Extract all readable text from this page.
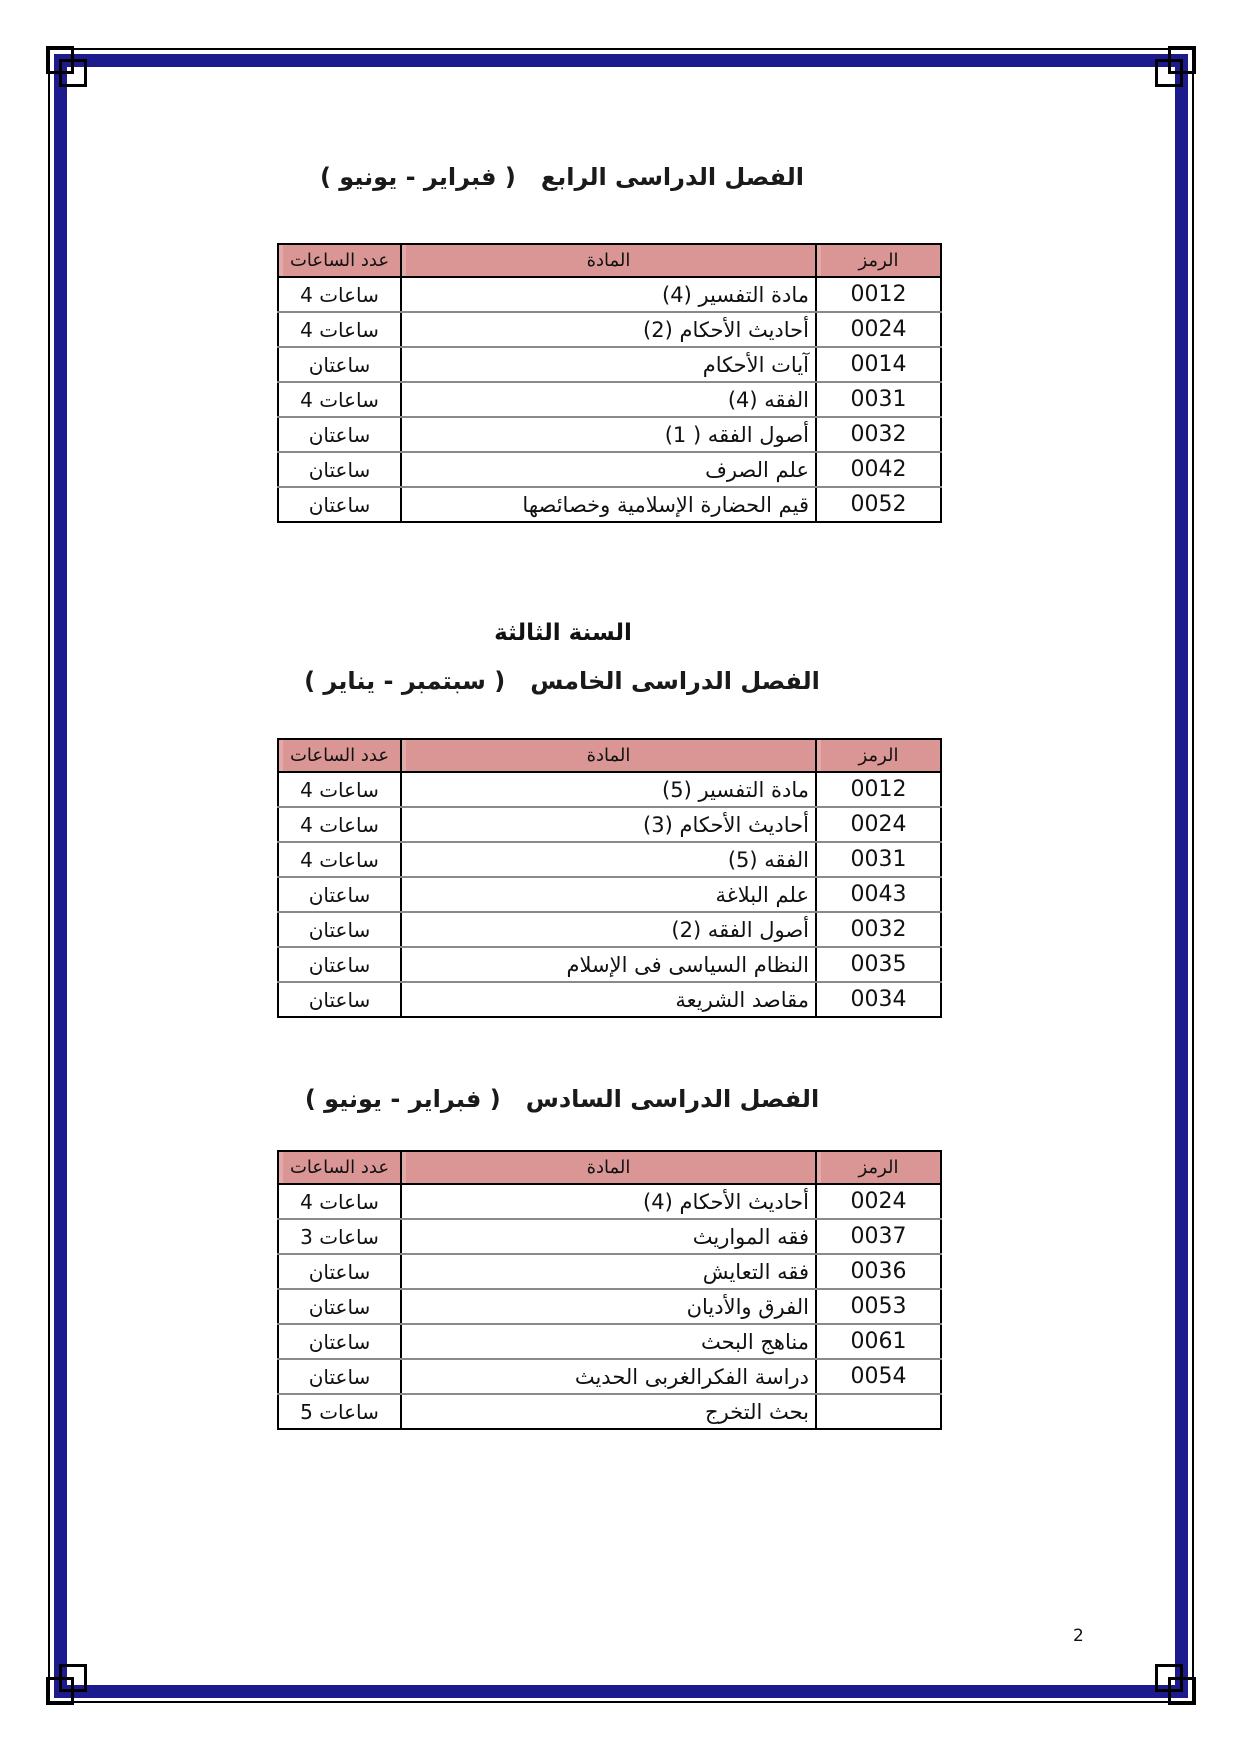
الفصل الدراسى الرابع   ( فبراير - يونيو )
الرمز	المادة	عدد الساعات
0012	مادة التفسير (4)	4 ساعات
0024	أحاديث الأحكام (2)	4 ساعات
0014	آيات الأحكام	ساعتان
0031	الفقه (4)	4 ساعات
0032	أصول الفقه ( 1)	ساعتان
0042	علم الصرف	ساعتان
0052	قيم الحضارة الإسلامية وخصائصها	ساعتان
السنة الثالثة
الفصل الدراسى الخامس   ( سبتمبر - يناير )
الرمز	المادة	عدد الساعات
0012	مادة التفسير (5)	4 ساعات
0024	أحاديث الأحكام (3)	4 ساعات
0031	الفقه (5)	4 ساعات
0043	علم البلاغة	ساعتان
0032	أصول الفقه (2)	ساعتان
0035	النظام السياسى فى الإسلام	ساعتان
0034	مقاصد الشريعة	ساعتان
الفصل الدراسى السادس   ( فبراير - يونيو )
الرمز	المادة	عدد الساعات
0024	أحاديث الأحكام (4)	4 ساعات
0037	فقه المواريث	3 ساعات
0036	فقه التعايش	ساعتان
0053	الفرق والأديان	ساعتان
0061	مناهج البحث	ساعتان
0054	دراسة الفكرالغربى الحديث	ساعتان
	بحث التخرج	5 ساعات
2
